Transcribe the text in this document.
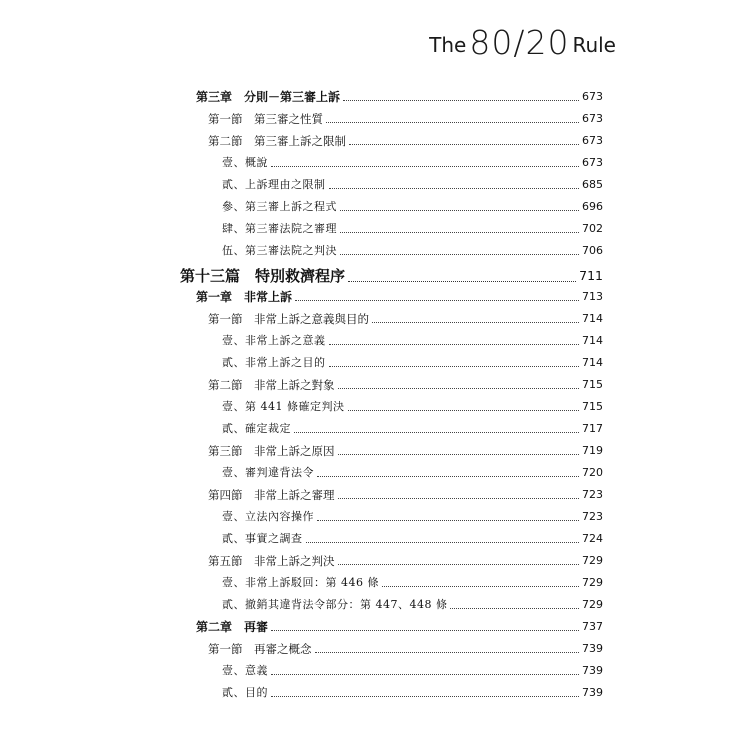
The80/20 Rule
第三章　分則－第三審上訴	673
第一節　第三審之性質	673
第二節　第三審上訴之限制	673
壹、概說	673
貳、上訴理由之限制	685
參、第三審上訴之程式	696
肆、第三審法院之審理	702
伍、第三審法院之判決	706
第十三篇　特別救濟程序	711
第一章　非常上訴	713
第一節　非常上訴之意義與目的	714
壹、非常上訴之意義	714
貳、非常上訴之目的	714
第二節　非常上訴之對象	715
壹、第 441 條確定判決	715
貳、確定裁定	717
第三節　非常上訴之原因	719
壹、審判違背法令	720
第四節　非常上訴之審理	723
壹、立法內容操作	723
貳、事實之調查	724
第五節　非常上訴之判決	729
壹、非常上訴駁回：第 446 條	729
貳、撤銷其違背法令部分：第 447、448 條	729
第二章　再審	737
第一節　再審之概念	739
壹、意義	739
貳、目的	739
